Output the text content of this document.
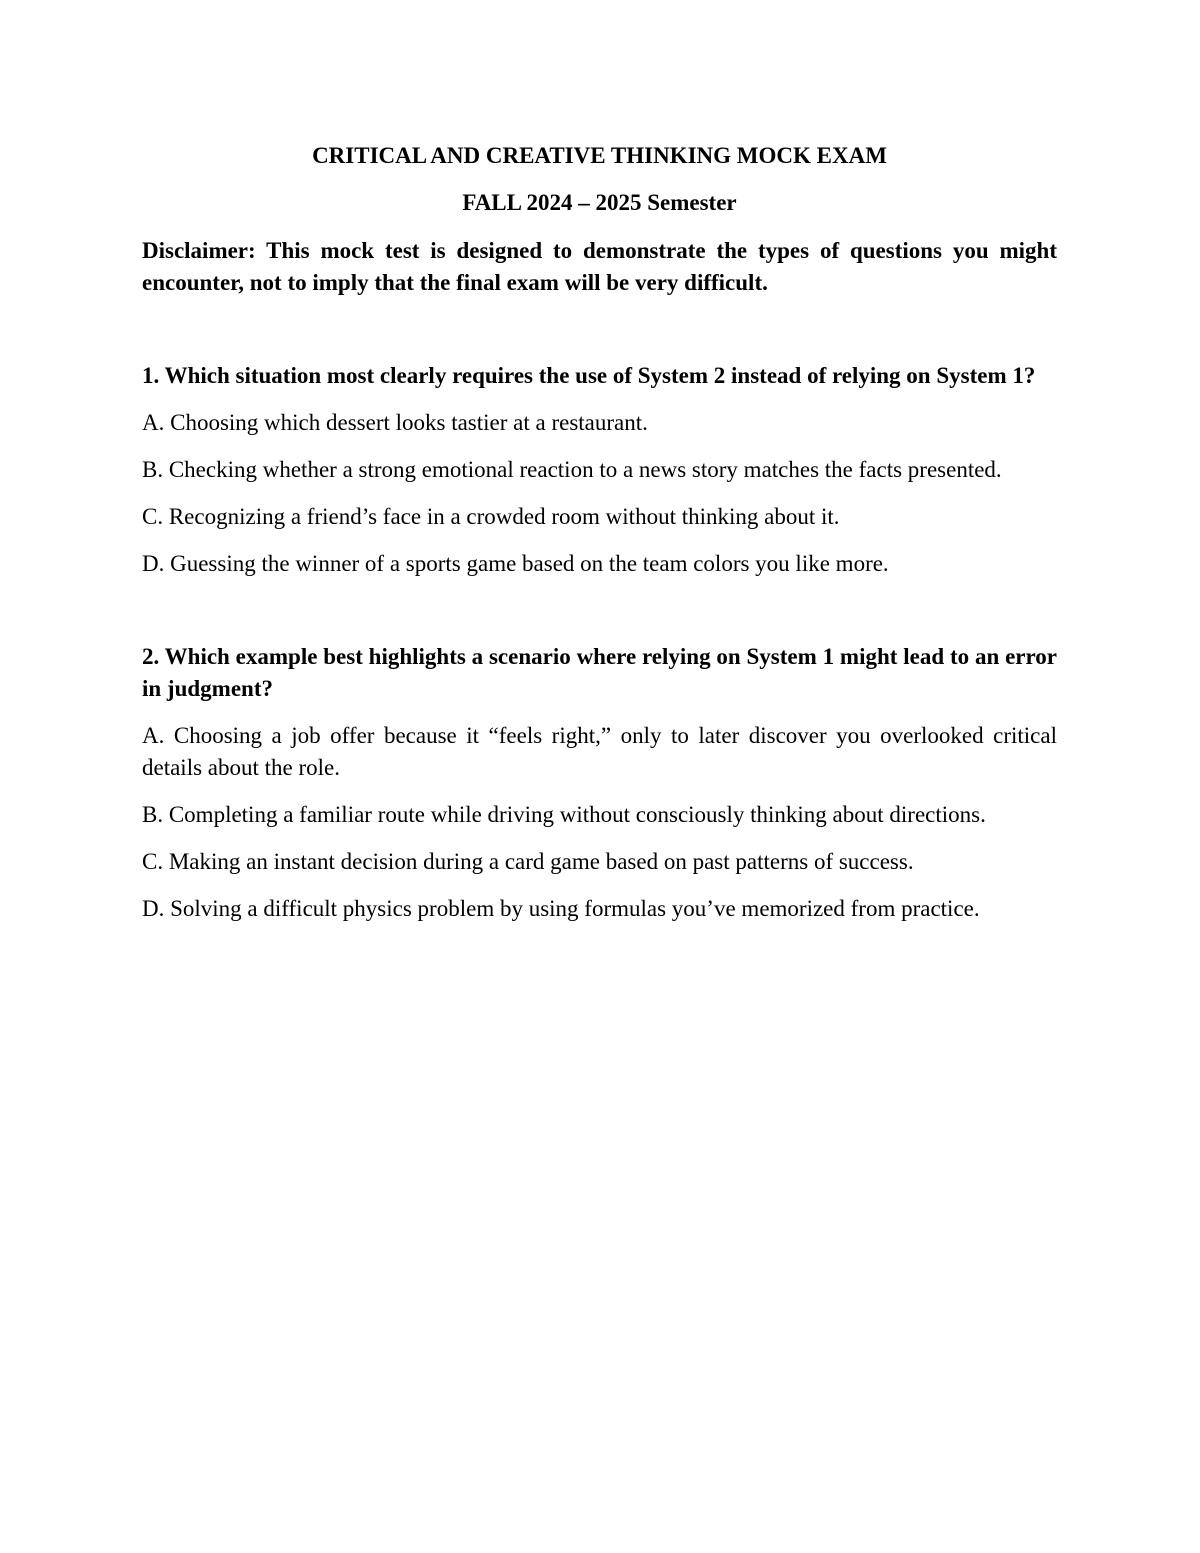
CRITICAL AND CREATIVE THINKING MOCK EXAM

FALL 2024 – 2025 Semester

Disclaimer: This mock test is designed to demonstrate the types of questions you might encounter, not to imply that the final exam will be very difficult.

1. Which situation most clearly requires the use of System 2 instead of relying on System 1?

A. Choosing which dessert looks tastier at a restaurant.

B. Checking whether a strong emotional reaction to a news story matches the facts presented.

C. Recognizing a friend’s face in a crowded room without thinking about it.

D. Guessing the winner of a sports game based on the team colors you like more.

2. Which example best highlights a scenario where relying on System 1 might lead to an error in judgment?

A. Choosing a job offer because it “feels right,” only to later discover you overlooked critical details about the role.

B. Completing a familiar route while driving without consciously thinking about directions.

C. Making an instant decision during a card game based on past patterns of success.

D. Solving a difficult physics problem by using formulas you’ve memorized from practice.
